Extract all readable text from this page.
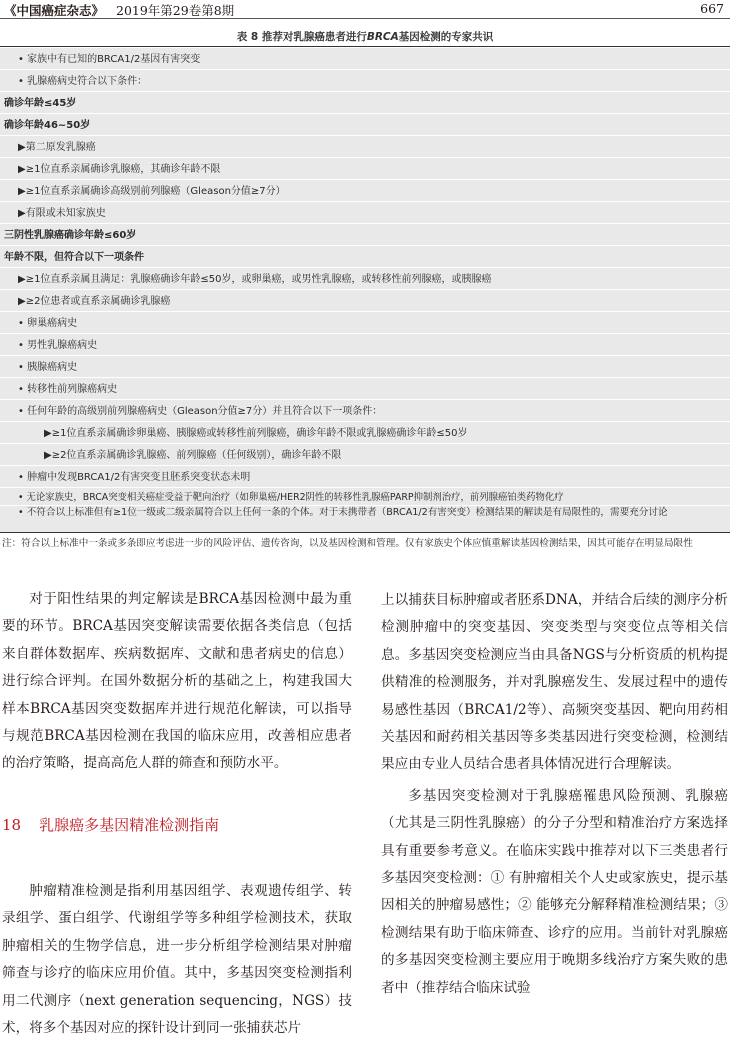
《中国癌症杂志》 2019年第29卷第8期	667
表 8 推荐对乳腺癌患者进行BRCA基因检测的专家共识
• 家族中有已知的BRCA1/2基因有害突变
• 乳腺癌病史符合以下条件：
确诊年龄≤45岁
确诊年龄46~50岁
▶第二原发乳腺癌
▶≥1位直系亲属确诊乳腺癌，其确诊年龄不限
▶≥1位直系亲属确诊高级别前列腺癌（Gleason分值≥7分）
▶有限或未知家族史
三阴性乳腺癌确诊年龄≤60岁
年龄不限，但符合以下一项条件
▶≥1位直系亲属且满足：乳腺癌确诊年龄≤50岁，或卵巢癌，或男性乳腺癌，或转移性前列腺癌，或胰腺癌
▶≥2位患者或直系亲属确诊乳腺癌
• 卵巢癌病史
• 男性乳腺癌病史
• 胰腺癌病史
• 转移性前列腺癌病史
• 任何年龄的高级别前列腺癌病史（Gleason分值≥7分）并且符合以下一项条件：
▶≥1位直系亲属确诊卵巢癌、胰腺癌或转移性前列腺癌，确诊年龄不限或乳腺癌确诊年龄≤50岁
▶≥2位直系亲属确诊乳腺癌、前列腺癌（任何级别），确诊年龄不限
• 肿瘤中发现BRCA1/2有害突变且胚系突变状态未明
• 无论家族史，BRCA突变相关癌症受益于靶向治疗（如卵巢癌/HER2阴性的转移性乳腺癌PARP抑制剂治疗，前列腺癌铂类药物化疗
• 不符合以上标准但有≥1位一级或二级亲属符合以上任何一条的个体。对于未携带者（BRCA1/2有害突变）检测结果的解读是有局限性的，需要充分讨论
注：符合以上标准中一条或多条即应考虑进一步的风险评估、遗传咨询，以及基因检测和管理。仅有家族史个体应慎重解读基因检测结果，因其可能存在明显局限性

对于阳性结果的判定解读是BRCA基因检测中最为重要的环节。BRCA基因突变解读需要依据各类信息（包括来自群体数据库、疾病数据库、文献和患者病史的信息）进行综合评判。在国外数据分析的基础之上，构建我国大样本BRCA基因突变数据库并进行规范化解读，可以指导与规范BRCA基因检测在我国的临床应用，改善相应患者的治疗策略，提高高危人群的筛查和预防水平。

18 乳腺癌多基因精准检测指南

肿瘤精准检测是指利用基因组学、表观遗传组学、转录组学、蛋白组学、代谢组学等多种组学检测技术，获取肿瘤相关的生物学信息，进一步分析组学检测结果对肿瘤筛查与诊疗的临床应用价值。其中，多基因突变检测指利用二代测序（next generation sequencing，NGS）技术，将多个基因对应的探针设计到同一张捕获芯片

上以捕获目标肿瘤或者胚系DNA，并结合后续的测序分析检测肿瘤中的突变基因、突变类型与突变位点等相关信息。多基因突变检测应当由具备NGS与分析资质的机构提供精准的检测服务，并对乳腺癌发生、发展过程中的遗传易感性基因（BRCA1/2等）、高频突变基因、靶向用药相关基因和耐药相关基因等多类基因进行突变检测，检测结果应由专业人员结合患者具体情况进行合理解读。

多基因突变检测对于乳腺癌罹患风险预测、乳腺癌（尤其是三阴性乳腺癌）的分子分型和精准治疗方案选择具有重要参考意义。在临床实践中推荐对以下三类患者行多基因突变检测：① 有肿瘤相关个人史或家族史，提示基因相关的肿瘤易感性；② 能够充分解释精准检测结果；③ 检测结果有助于临床筛查、诊疗的应用。当前针对乳腺癌的多基因突变检测主要应用于晚期多线治疗方案失败的患者中（推荐结合临床试验
